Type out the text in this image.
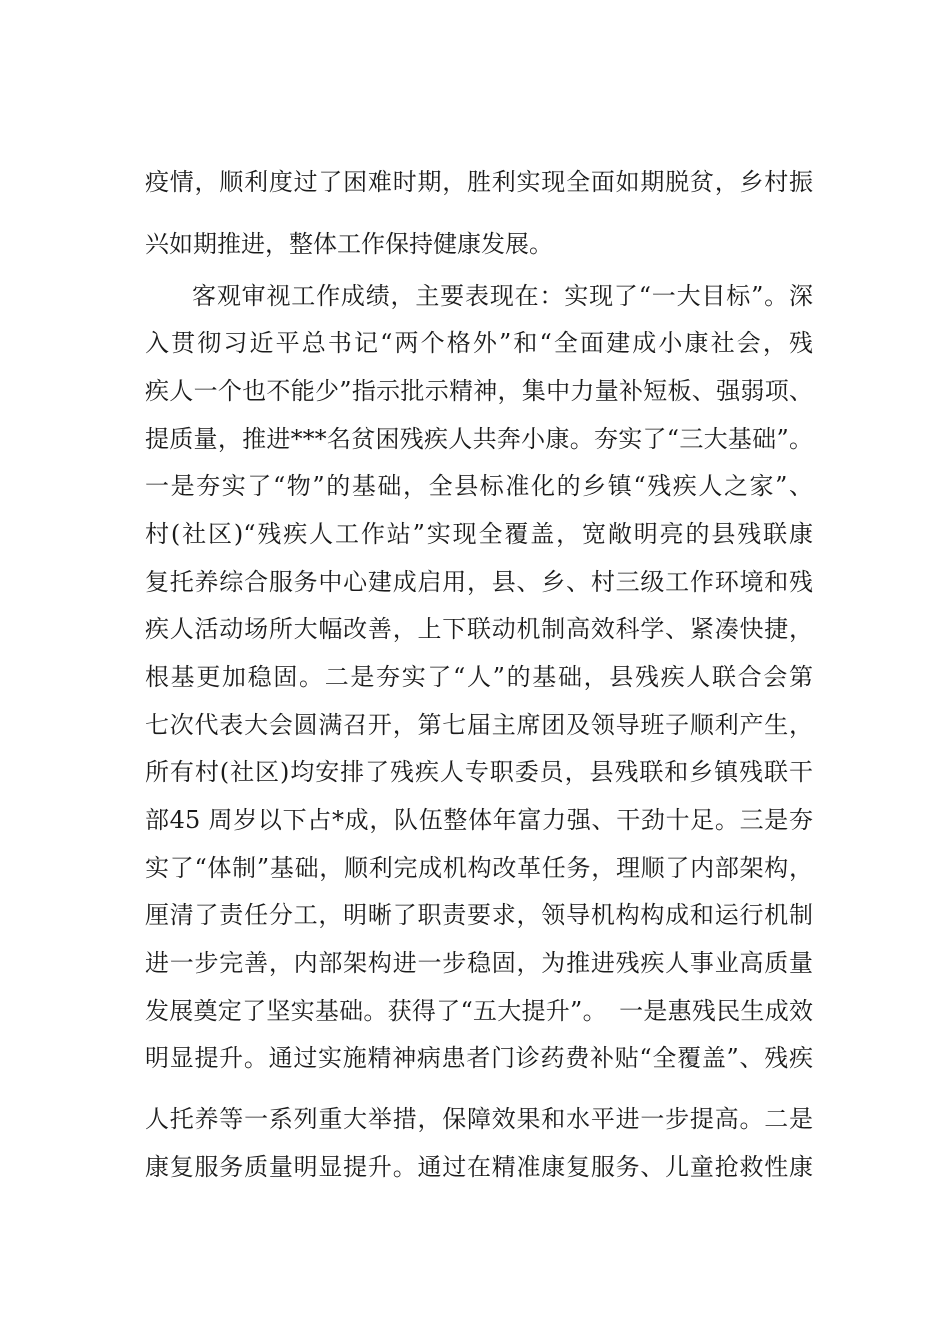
疫情，顺利度过了困难时期，胜利实现全面如期脱贫，乡村振
兴如期推进，整体工作保持健康发展。
客观审视工作成绩，主要表现在：实现了“一大目标”。深
入贯彻习近平总书记“两个格外”和“全面建成小康社会，残
疾人一个也不能少”指示批示精神，集中力量补短板、强弱项、
提质量，推进***名贫困残疾人共奔小康。夯实了“三大基础”。
一是夯实了“物”的基础，全县标准化的乡镇“残疾人之家”、
村(社区)“残疾人工作站”实现全覆盖，宽敞明亮的县残联康
复托养综合服务中心建成启用，县、乡、村三级工作环境和残
疾人活动场所大幅改善，上下联动机制高效科学、紧凑快捷，
根基更加稳固。二是夯实了“人”的基础，县残疾人联合会第
七次代表大会圆满召开，第七届主席团及领导班子顺利产生，
所有村(社区)均安排了残疾人专职委员，县残联和乡镇残联干
部45 周岁以下占*成，队伍整体年富力强、干劲十足。三是夯
实了“体制”基础，顺利完成机构改革任务，理顺了内部架构，
厘清了责任分工，明晰了职责要求，领导机构构成和运行机制
进一步完善，内部架构进一步稳固，为推进残疾人事业高质量
发展奠定了坚实基础。获得了“五大提升”。　一是惠残民生成效
明显提升。通过实施精神病患者门诊药费补贴“全覆盖”、残疾
人托养等一系列重大举措，保障效果和水平进一步提高。二是
康复服务质量明显提升。通过在精准康复服务、儿童抢救性康
